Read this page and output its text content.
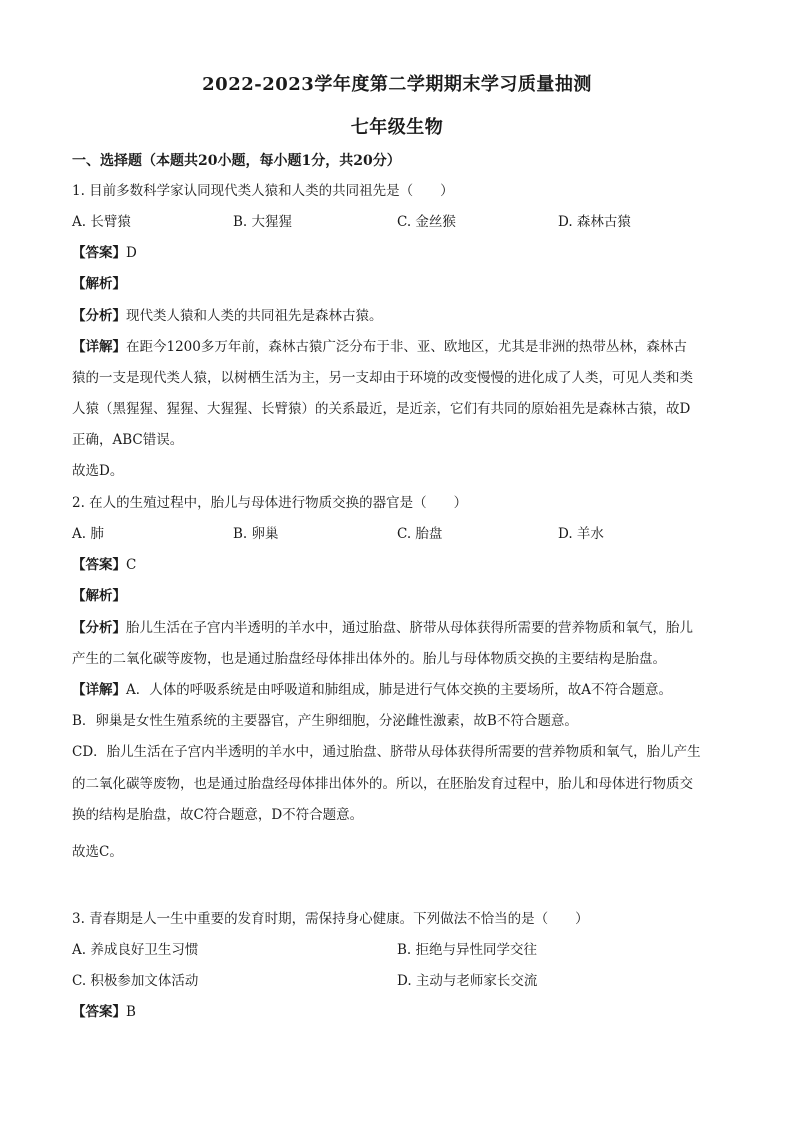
2022-2023学年度第二学期期末学习质量抽测
七年级生物
一、选择题（本题共20小题，每小题1分，共20分）
1. 目前多数科学家认同现代类人猿和人类的共同祖先是（　　）
A. 长臂猿	B. 大猩猩	C. 金丝猴	D. 森林古猿
【答案】D
【解析】
【分析】现代类人猿和人类的共同祖先是森林古猿。
【详解】在距今1200多万年前，森林古猿广泛分布于非、亚、欧地区，尤其是非洲的热带丛林，森林古
猿的一支是现代类人猿，以树栖生活为主，另一支却由于环境的改变慢慢的进化成了人类，可见人类和类
人猿（黑猩猩、猩猩、大猩猩、长臂猿）的关系最近，是近亲，它们有共同的原始祖先是森林古猿，故D
正确，ABC错误。
故选D。
2. 在人的生殖过程中，胎儿与母体进行物质交换的器官是（　　）
A. 肺	B. 卵巢	C. 胎盘	D. 羊水
【答案】C
【解析】
【分析】胎儿生活在子宫内半透明的羊水中，通过胎盘、脐带从母体获得所需要的营养物质和氧气，胎儿
产生的二氧化碳等废物，也是通过胎盘经母体排出体外的。胎儿与母体物质交换的主要结构是胎盘。
【详解】A．人体的呼吸系统是由呼吸道和肺组成，肺是进行气体交换的主要场所，故A不符合题意。
B．卵巢是女性生殖系统的主要器官，产生卵细胞，分泌雌性激素，故B不符合题意。
CD．胎儿生活在子宫内半透明的羊水中，通过胎盘、脐带从母体获得所需要的营养物质和氧气，胎儿产生
的二氧化碳等废物，也是通过胎盘经母体排出体外的。所以，在胚胎发育过程中，胎儿和母体进行物质交
换的结构是胎盘，故C符合题意，D不符合题意。
故选C。
3. 青春期是人一生中重要的发育时期，需保持身心健康。下列做法不恰当的是（　　）
A. 养成良好卫生习惯	B. 拒绝与异性同学交往
C. 积极参加文体活动	D. 主动与老师家长交流
【答案】B
